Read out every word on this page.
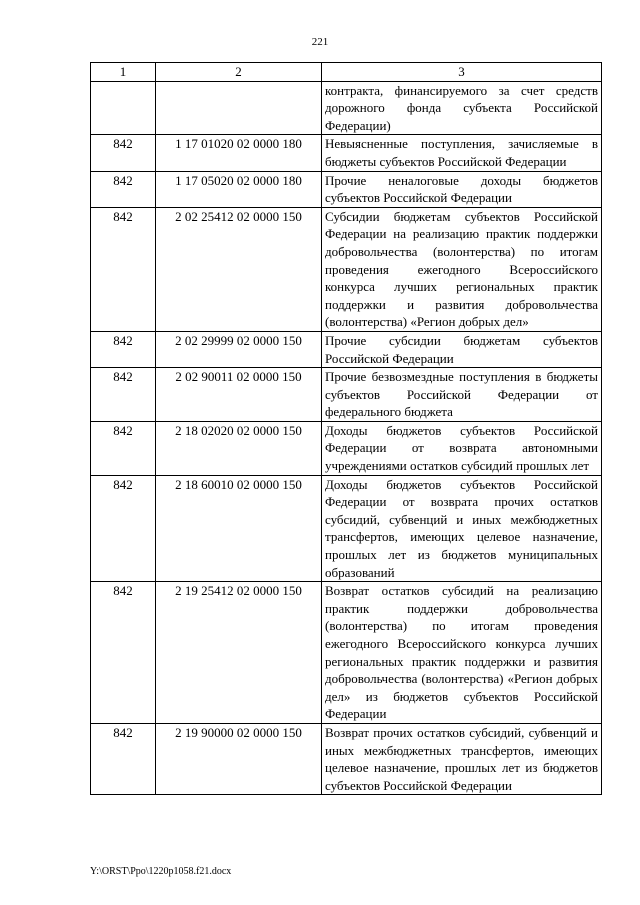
221
1	2	3
		контракта, финансируемого за счет средств дорожного фонда субъекта Российской Федерации)
842	1 17 01020 02 0000 180	Невыясненные поступления, зачисляемые в бюджеты субъектов Российской Федерации
842	1 17 05020 02 0000 180	Прочие неналоговые доходы бюджетов субъектов Российской Федерации
842	2 02 25412 02 0000 150	Субсидии бюджетам субъектов Российской Федерации на реализацию практик поддержки добровольчества (волонтерства) по итогам проведения ежегодного Всероссийского конкурса лучших региональных практик поддержки и развития добровольчества (волонтерства) «Регион добрых дел»
842	2 02 29999 02 0000 150	Прочие субсидии бюджетам субъектов Российской Федерации
842	2 02 90011 02 0000 150	Прочие безвозмездные поступления в бюджеты субъектов Российской Федерации от федерального бюджета
842	2 18 02020 02 0000 150	Доходы бюджетов субъектов Российской Федерации от возврата автономными учреждениями остатков субсидий прошлых лет
842	2 18 60010 02 0000 150	Доходы бюджетов субъектов Российской Федерации от возврата прочих остатков субсидий, субвенций и иных межбюджетных трансфертов, имеющих целевое назначение, прошлых лет из бюджетов муниципальных образований
842	2 19 25412 02 0000 150	Возврат остатков субсидий на реализацию практик поддержки добровольчества (волонтерства) по итогам проведения ежегодного Всероссийского конкурса лучших региональных практик поддержки и развития добровольчества (волонтерства) «Регион добрых дел» из бюджетов субъектов Российской Федерации
842	2 19 90000 02 0000 150	Возврат прочих остатков субсидий, субвенций и иных межбюджетных трансфертов, имеющих целевое назначение, прошлых лет из бюджетов субъектов Российской Федерации
Y:\ORST\Ppo\1220p1058.f21.docx
